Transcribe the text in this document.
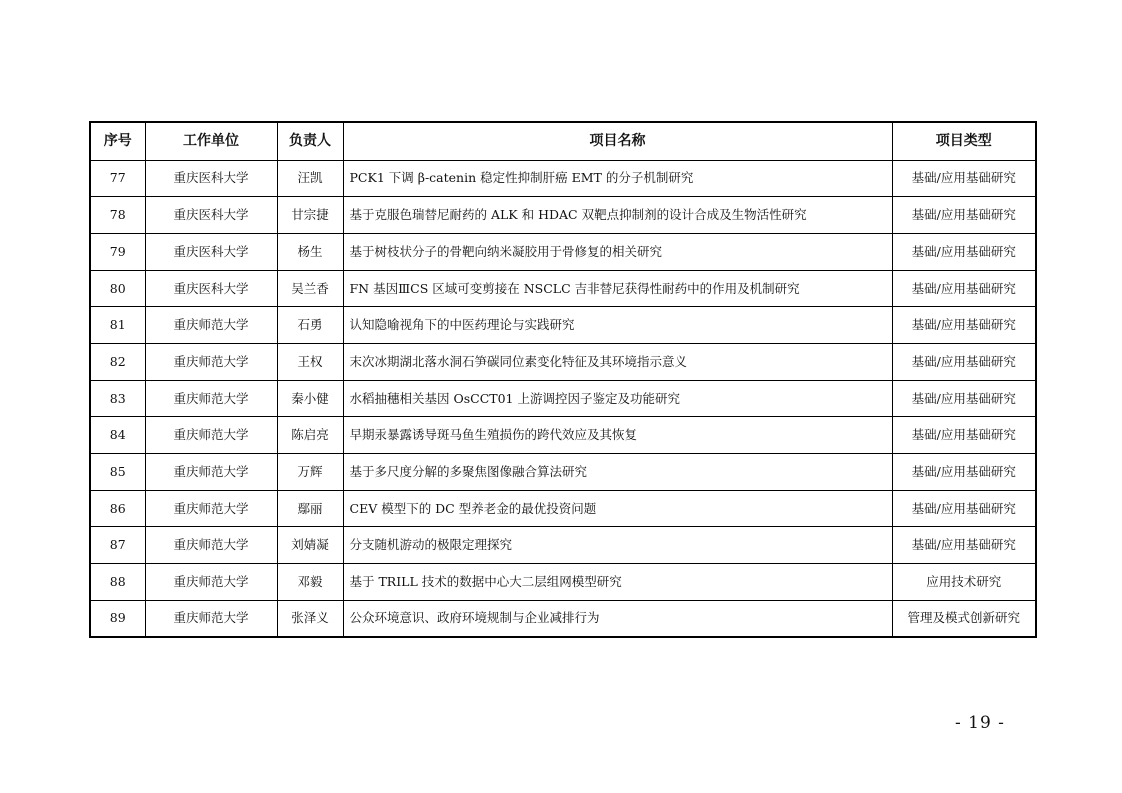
序号	工作单位	负责人	项目名称	项目类型
77	重庆医科大学	汪凯	PCK1 下调 β-catenin 稳定性抑制肝癌 EMT 的分子机制研究	基础/应用基础研究
78	重庆医科大学	甘宗捷	基于克服色瑞替尼耐药的 ALK 和 HDAC 双靶点抑制剂的设计合成及生物活性研究	基础/应用基础研究
79	重庆医科大学	杨生	基于树枝状分子的骨靶向纳米凝胶用于骨修复的相关研究	基础/应用基础研究
80	重庆医科大学	吴兰香	FN 基因ⅢCS 区域可变剪接在 NSCLC 吉非替尼获得性耐药中的作用及机制研究	基础/应用基础研究
81	重庆师范大学	石勇	认知隐喻视角下的中医药理论与实践研究	基础/应用基础研究
82	重庆师范大学	王权	末次冰期湖北落水洞石笋碳同位素变化特征及其环境指示意义	基础/应用基础研究
83	重庆师范大学	秦小健	水稻抽穗相关基因 OsCCT01 上游调控因子鉴定及功能研究	基础/应用基础研究
84	重庆师范大学	陈启亮	早期汞暴露诱导斑马鱼生殖损伤的跨代效应及其恢复	基础/应用基础研究
85	重庆师范大学	万辉	基于多尺度分解的多聚焦图像融合算法研究	基础/应用基础研究
86	重庆师范大学	鄢丽	CEV 模型下的 DC 型养老金的最优投资问题	基础/应用基础研究
87	重庆师范大学	刘婧凝	分支随机游动的极限定理探究	基础/应用基础研究
88	重庆师范大学	邓毅	基于 TRILL 技术的数据中心大二层组网模型研究	应用技术研究
89	重庆师范大学	张泽义	公众环境意识、政府环境规制与企业减排行为	管理及模式创新研究
- 19 -
